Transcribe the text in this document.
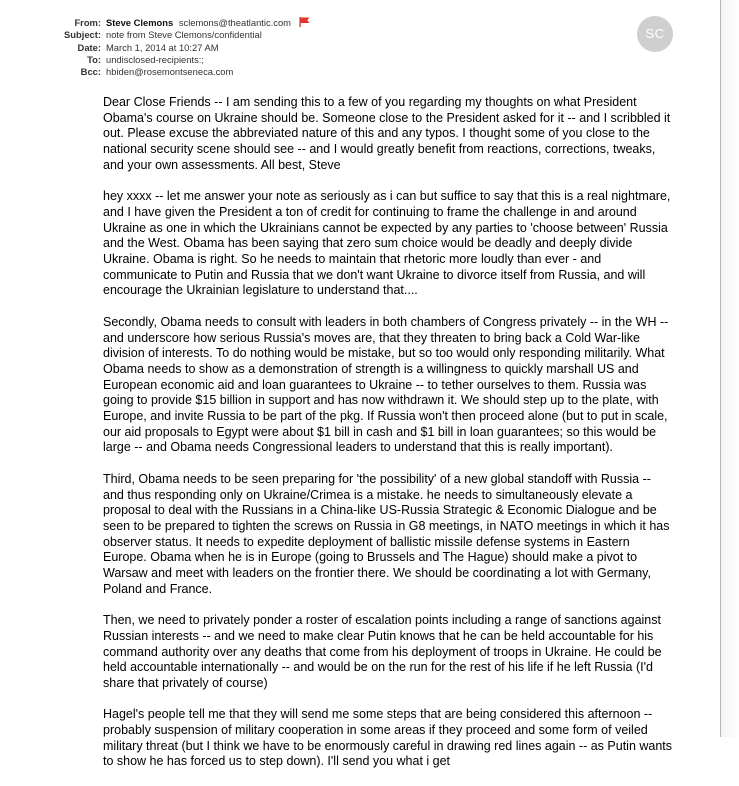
From: Steve Clemons sclemons@theatlantic.com
Subject: note from Steve Clemons/confidential
Date: March 1, 2014 at 10:27 AM
To: undisclosed-recipients:;
Bcc: hbiden@rosemontseneca.com
SC
Dear Close Friends -- I am sending this to a few of you regarding my thoughts on what President
Obama's course on Ukraine should be. Someone close to the President asked for it -- and I scribbled it
out. Please excuse the abbreviated nature of this and any typos. I thought some of you close to the
national security scene should see -- and I would greatly benefit from reactions, corrections, tweaks,
and your own assessments. All best, Steve
hey xxxx -- let me answer your note as seriously as i can but suffice to say that this is a real nightmare,
and I have given the President a ton of credit for continuing to frame the challenge in and around
Ukraine as one in which the Ukrainians cannot be expected by any parties to 'choose between' Russia
and the West. Obama has been saying that zero sum choice would be deadly and deeply divide
Ukraine. Obama is right. So he needs to maintain that rhetoric more loudly than ever - and
communicate to Putin and Russia that we don't want Ukraine to divorce itself from Russia, and will
encourage the Ukrainian legislature to understand that....
Secondly, Obama needs to consult with leaders in both chambers of Congress privately -- in the WH --
and underscore how serious Russia's moves are, that they threaten to bring back a Cold War-like
division of interests. To do nothing would be mistake, but so too would only responding militarily. What
Obama needs to show as a demonstration of strength is a willingness to quickly marshall US and
European economic aid and loan guarantees to Ukraine -- to tether ourselves to them. Russia was
going to provide $15 billion in support and has now withdrawn it. We should step up to the plate, with
Europe, and invite Russia to be part of the pkg. If Russia won't then proceed alone (but to put in scale,
our aid proposals to Egypt were about $1 bill in cash and $1 bill in loan guarantees; so this would be
large -- and Obama needs Congressional leaders to understand that this is really important).
Third, Obama needs to be seen preparing for 'the possibility' of a new global standoff with Russia --
and thus responding only on Ukraine/Crimea is a mistake. he needs to simultaneously elevate a
proposal to deal with the Russians in a China-like US-Russia Strategic & Economic Dialogue and be
seen to be prepared to tighten the screws on Russia in G8 meetings, in NATO meetings in which it has
observer status. It needs to expedite deployment of ballistic missile defense systems in Eastern
Europe. Obama when he is in Europe (going to Brussels and The Hague) should make a pivot to
Warsaw and meet with leaders on the frontier there. We should be coordinating a lot with Germany,
Poland and France.
Then, we need to privately ponder a roster of escalation points including a range of sanctions against
Russian interests -- and we need to make clear Putin knows that he can be held accountable for his
command authority over any deaths that come from his deployment of troops in Ukraine. He could be
held accountable internationally -- and would be on the run for the rest of his life if he left Russia (I'd
share that privately of course)
Hagel's people tell me that they will send me some steps that are being considered this afternoon --
probably suspension of military cooperation in some areas if they proceed and some form of veiled
military threat (but I think we have to be enormously careful in drawing red lines again -- as Putin wants
to show he has forced us to step down). I'll send you what i get
